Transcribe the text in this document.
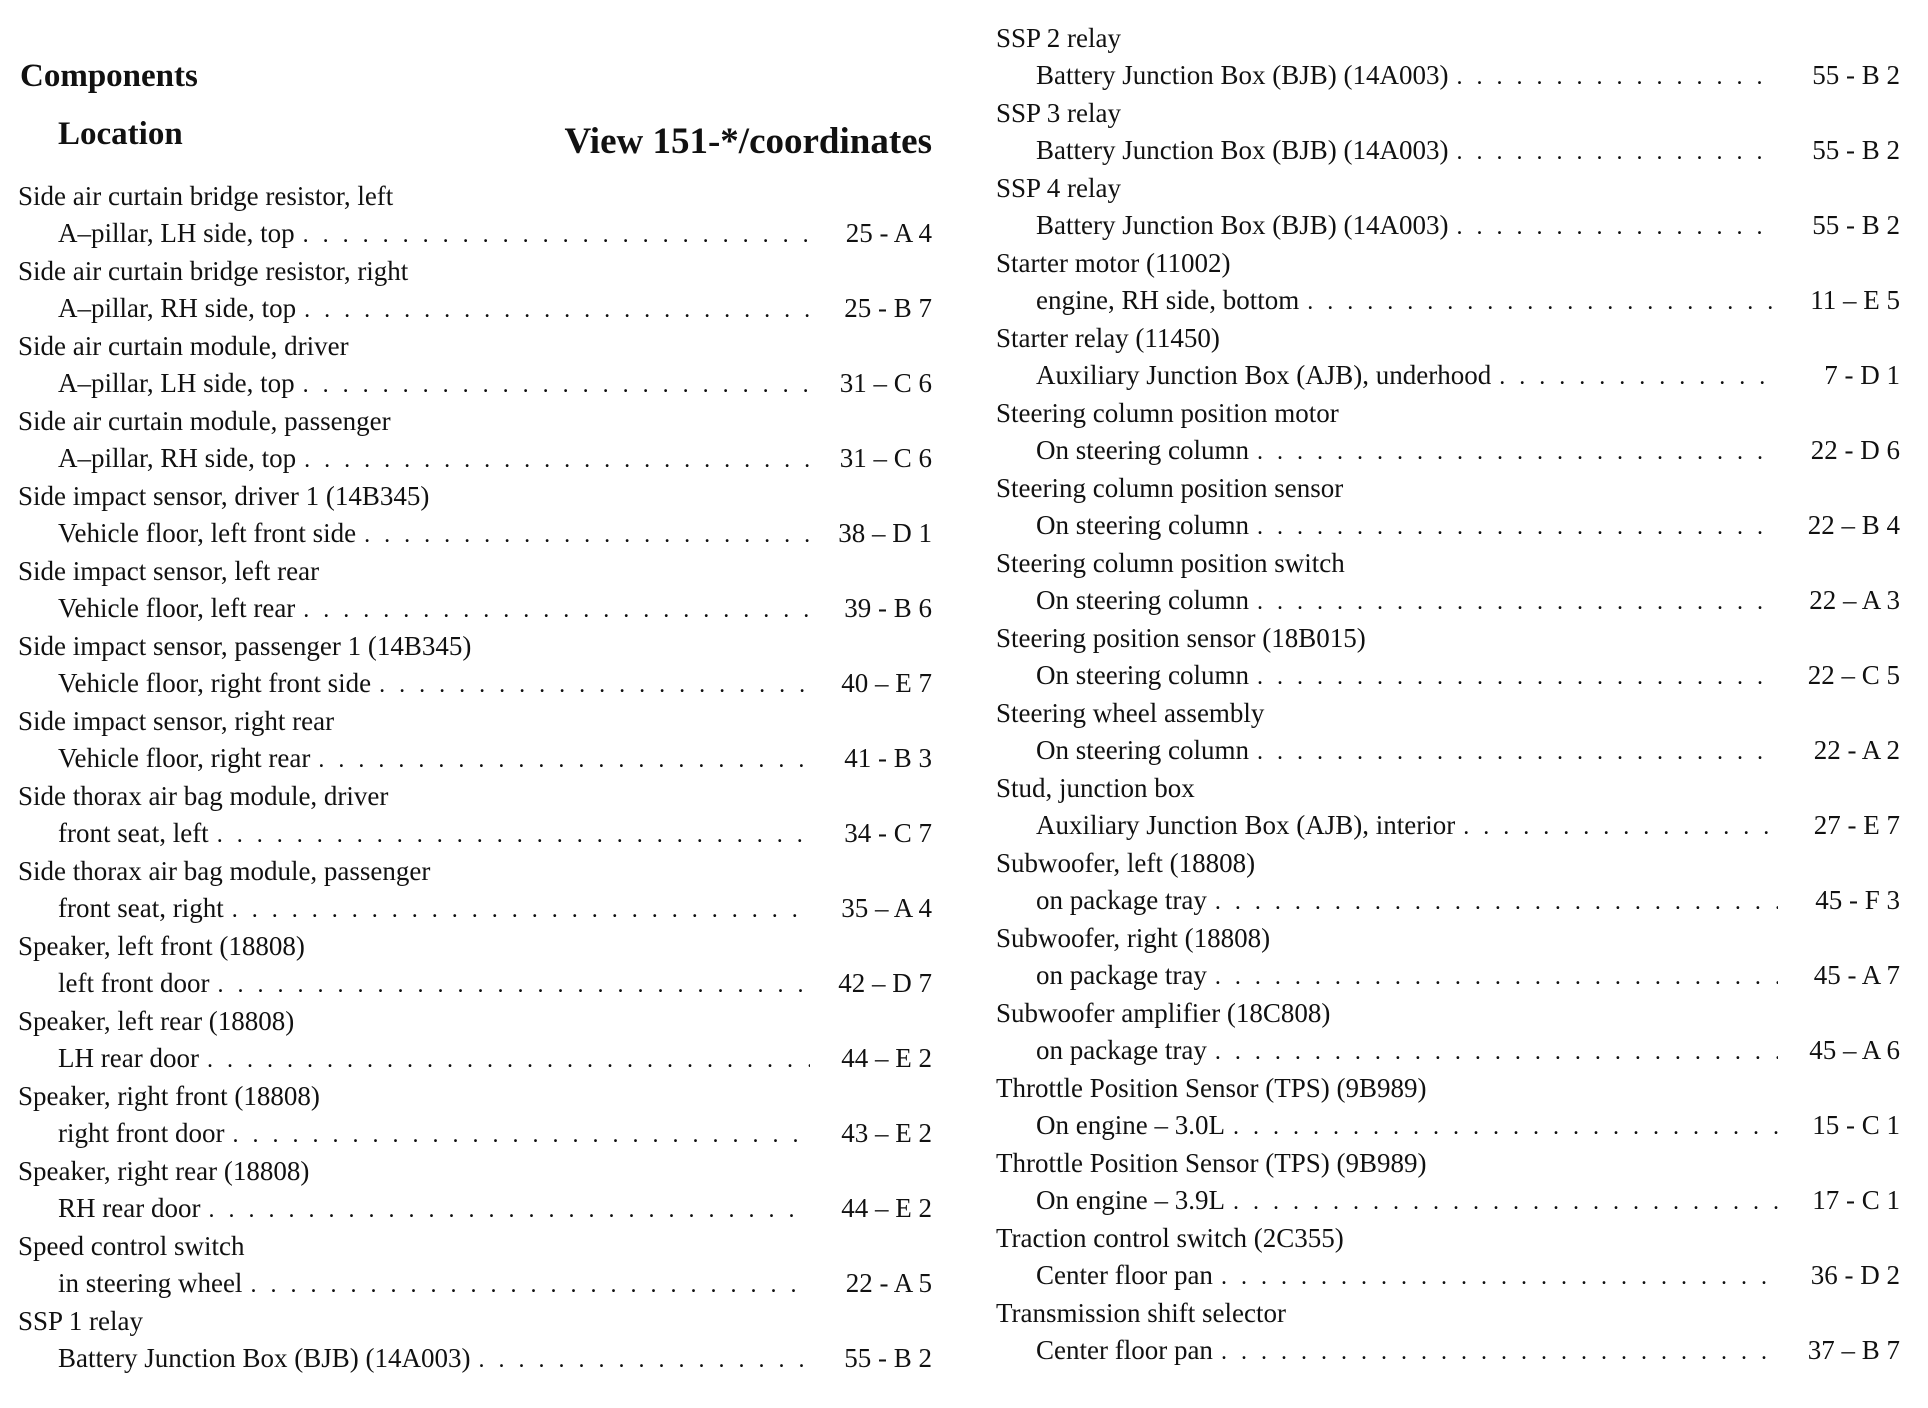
Components
Location	View 151-*/coordinates
Side air curtain bridge resistor, left
A–pillar, LH side, top . . .	25 - A 4
Side air curtain bridge resistor, right
A–pillar, RH side, top . . .	25 - B 7
Side air curtain module, driver
A–pillar, LH side, top . . .	31 – C 6
Side air curtain module, passenger
A–pillar, RH side, top . . .	31 – C 6
Side impact sensor, driver 1 (14B345)
Vehicle floor, left front side . . .	38 – D 1
Side impact sensor, left rear
Vehicle floor, left rear . . .	39 - B 6
Side impact sensor, passenger 1 (14B345)
Vehicle floor, right front side . . .	40 – E 7
Side impact sensor, right rear
Vehicle floor, right rear . . .	41 - B 3
Side thorax air bag module, driver
front seat, left . . .	34 - C 7
Side thorax air bag module, passenger
front seat, right . . .	35 – A 4
Speaker, left front (18808)
left front door . . .	42 – D 7
Speaker, left rear (18808)
LH rear door . . .	44 – E 2
Speaker, right front (18808)
right front door . . .	43 – E 2
Speaker, right rear (18808)
RH rear door . . .	44 – E 2
Speed control switch
in steering wheel . . .	22 - A 5
SSP 1 relay
Battery Junction Box (BJB) (14A003) . . .	55 - B 2
SSP 2 relay
Battery Junction Box (BJB) (14A003) . . .	55 - B 2
SSP 3 relay
Battery Junction Box (BJB) (14A003) . . .	55 - B 2
SSP 4 relay
Battery Junction Box (BJB) (14A003) . . .	55 - B 2
Starter motor (11002)
engine, RH side, bottom . . .	11 – E 5
Starter relay (11450)
Auxiliary Junction Box (AJB), underhood . . .	7 - D 1
Steering column position motor
On steering column . . .	22 - D 6
Steering column position sensor
On steering column . . .	22 – B 4
Steering column position switch
On steering column . . .	22 – A 3
Steering position sensor (18B015)
On steering column . . .	22 – C 5
Steering wheel assembly
On steering column . . .	22 - A 2
Stud, junction box
Auxiliary Junction Box (AJB), interior . . .	27 - E 7
Subwoofer, left (18808)
on package tray . . .	45 - F 3
Subwoofer, right (18808)
on package tray . . .	45 - A 7
Subwoofer amplifier (18C808)
on package tray . . .	45 – A 6
Throttle Position Sensor (TPS) (9B989)
On engine – 3.0L . . .	15 - C 1
Throttle Position Sensor (TPS) (9B989)
On engine – 3.9L . . .	17 - C 1
Traction control switch (2C355)
Center floor pan . . .	36 - D 2
Transmission shift selector
Center floor pan . . .	37 – B 7
